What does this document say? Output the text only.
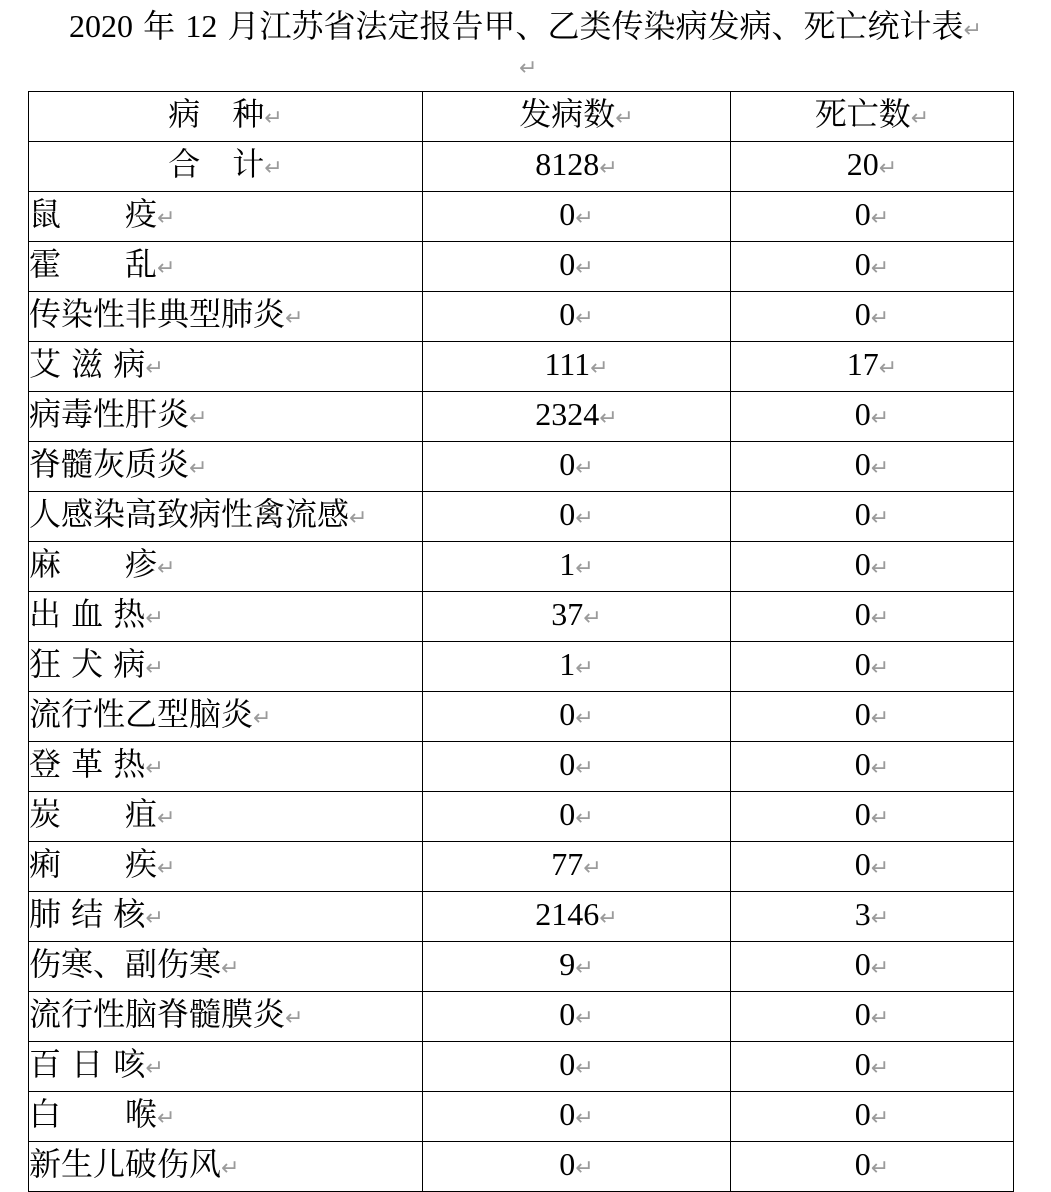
2020 年 12 月江苏省法定报告甲、乙类传染病发病、死亡统计表↵
↵
病　种↵	发病数↵	死亡数↵
合　计↵	8128↵	20↵
鼠　　疫↵	0↵	0↵
霍　　乱↵	0↵	0↵
传染性非典型肺炎↵	0↵	0↵
艾 滋 病↵	111↵	17↵
病毒性肝炎↵	2324↵	0↵
脊髓灰质炎↵	0↵	0↵
人感染高致病性禽流感↵	0↵	0↵
麻　　疹↵	1↵	0↵
出 血 热↵	37↵	0↵
狂 犬 病↵	1↵	0↵
流行性乙型脑炎↵	0↵	0↵
登 革 热↵	0↵	0↵
炭　　疽↵	0↵	0↵
痢　　疾↵	77↵	0↵
肺 结 核↵	2146↵	3↵
伤寒、副伤寒↵	9↵	0↵
流行性脑脊髓膜炎↵	0↵	0↵
百 日 咳↵	0↵	0↵
白　　喉↵	0↵	0↵
新生儿破伤风↵	0↵	0↵
